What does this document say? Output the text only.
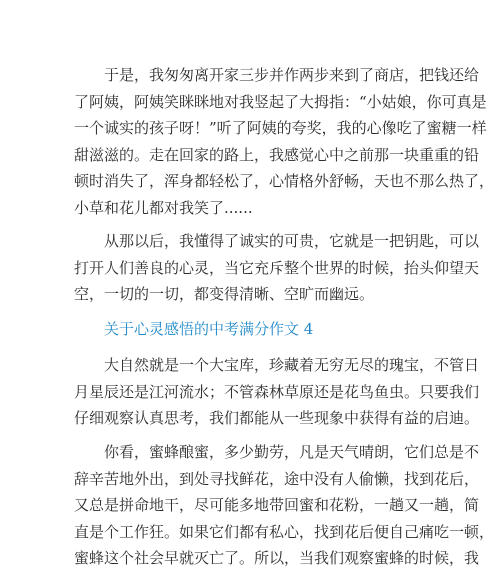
于是，我匆匆离开家三步并作两步来到了商店，把钱还给
了阿姨，阿姨笑眯眯地对我竖起了大拇指：“小姑娘，你可真是
一个诚实的孩子呀！”听了阿姨的夸奖，我的心像吃了蜜糖一样
甜滋滋的。走在回家的路上，我感觉心中之前那一块重重的铅
顿时消失了，浑身都轻松了，心情格外舒畅，天也不那么热了，
小草和花儿都对我笑了......
从那以后，我懂得了诚实的可贵，它就是一把钥匙，可以
打开人们善良的心灵，当它充斥整个世界的时候，抬头仰望天
空，一切的一切，都变得清晰、空旷而幽远。
关于心灵感悟的中考满分作文 4
大自然就是一个大宝库，珍藏着无穷无尽的瑰宝，不管日
月星辰还是江河流水；不管森林草原还是花鸟鱼虫。只要我们
仔细观察认真思考，我们都能从一些现象中获得有益的启迪。
你看，蜜蜂酿蜜，多少勤劳，凡是天气晴朗，它们总是不
辞辛苦地外出，到处寻找鲜花，途中没有人偷懒，找到花后，
又总是拼命地干，尽可能多地带回蜜和花粉，一趟又一趟，简
直是个工作狂。如果它们都有私心，找到花后便自己痛吃一顿，
蜜蜂这个社会早就灭亡了。所以，当我们观察蜜蜂的时候，我
